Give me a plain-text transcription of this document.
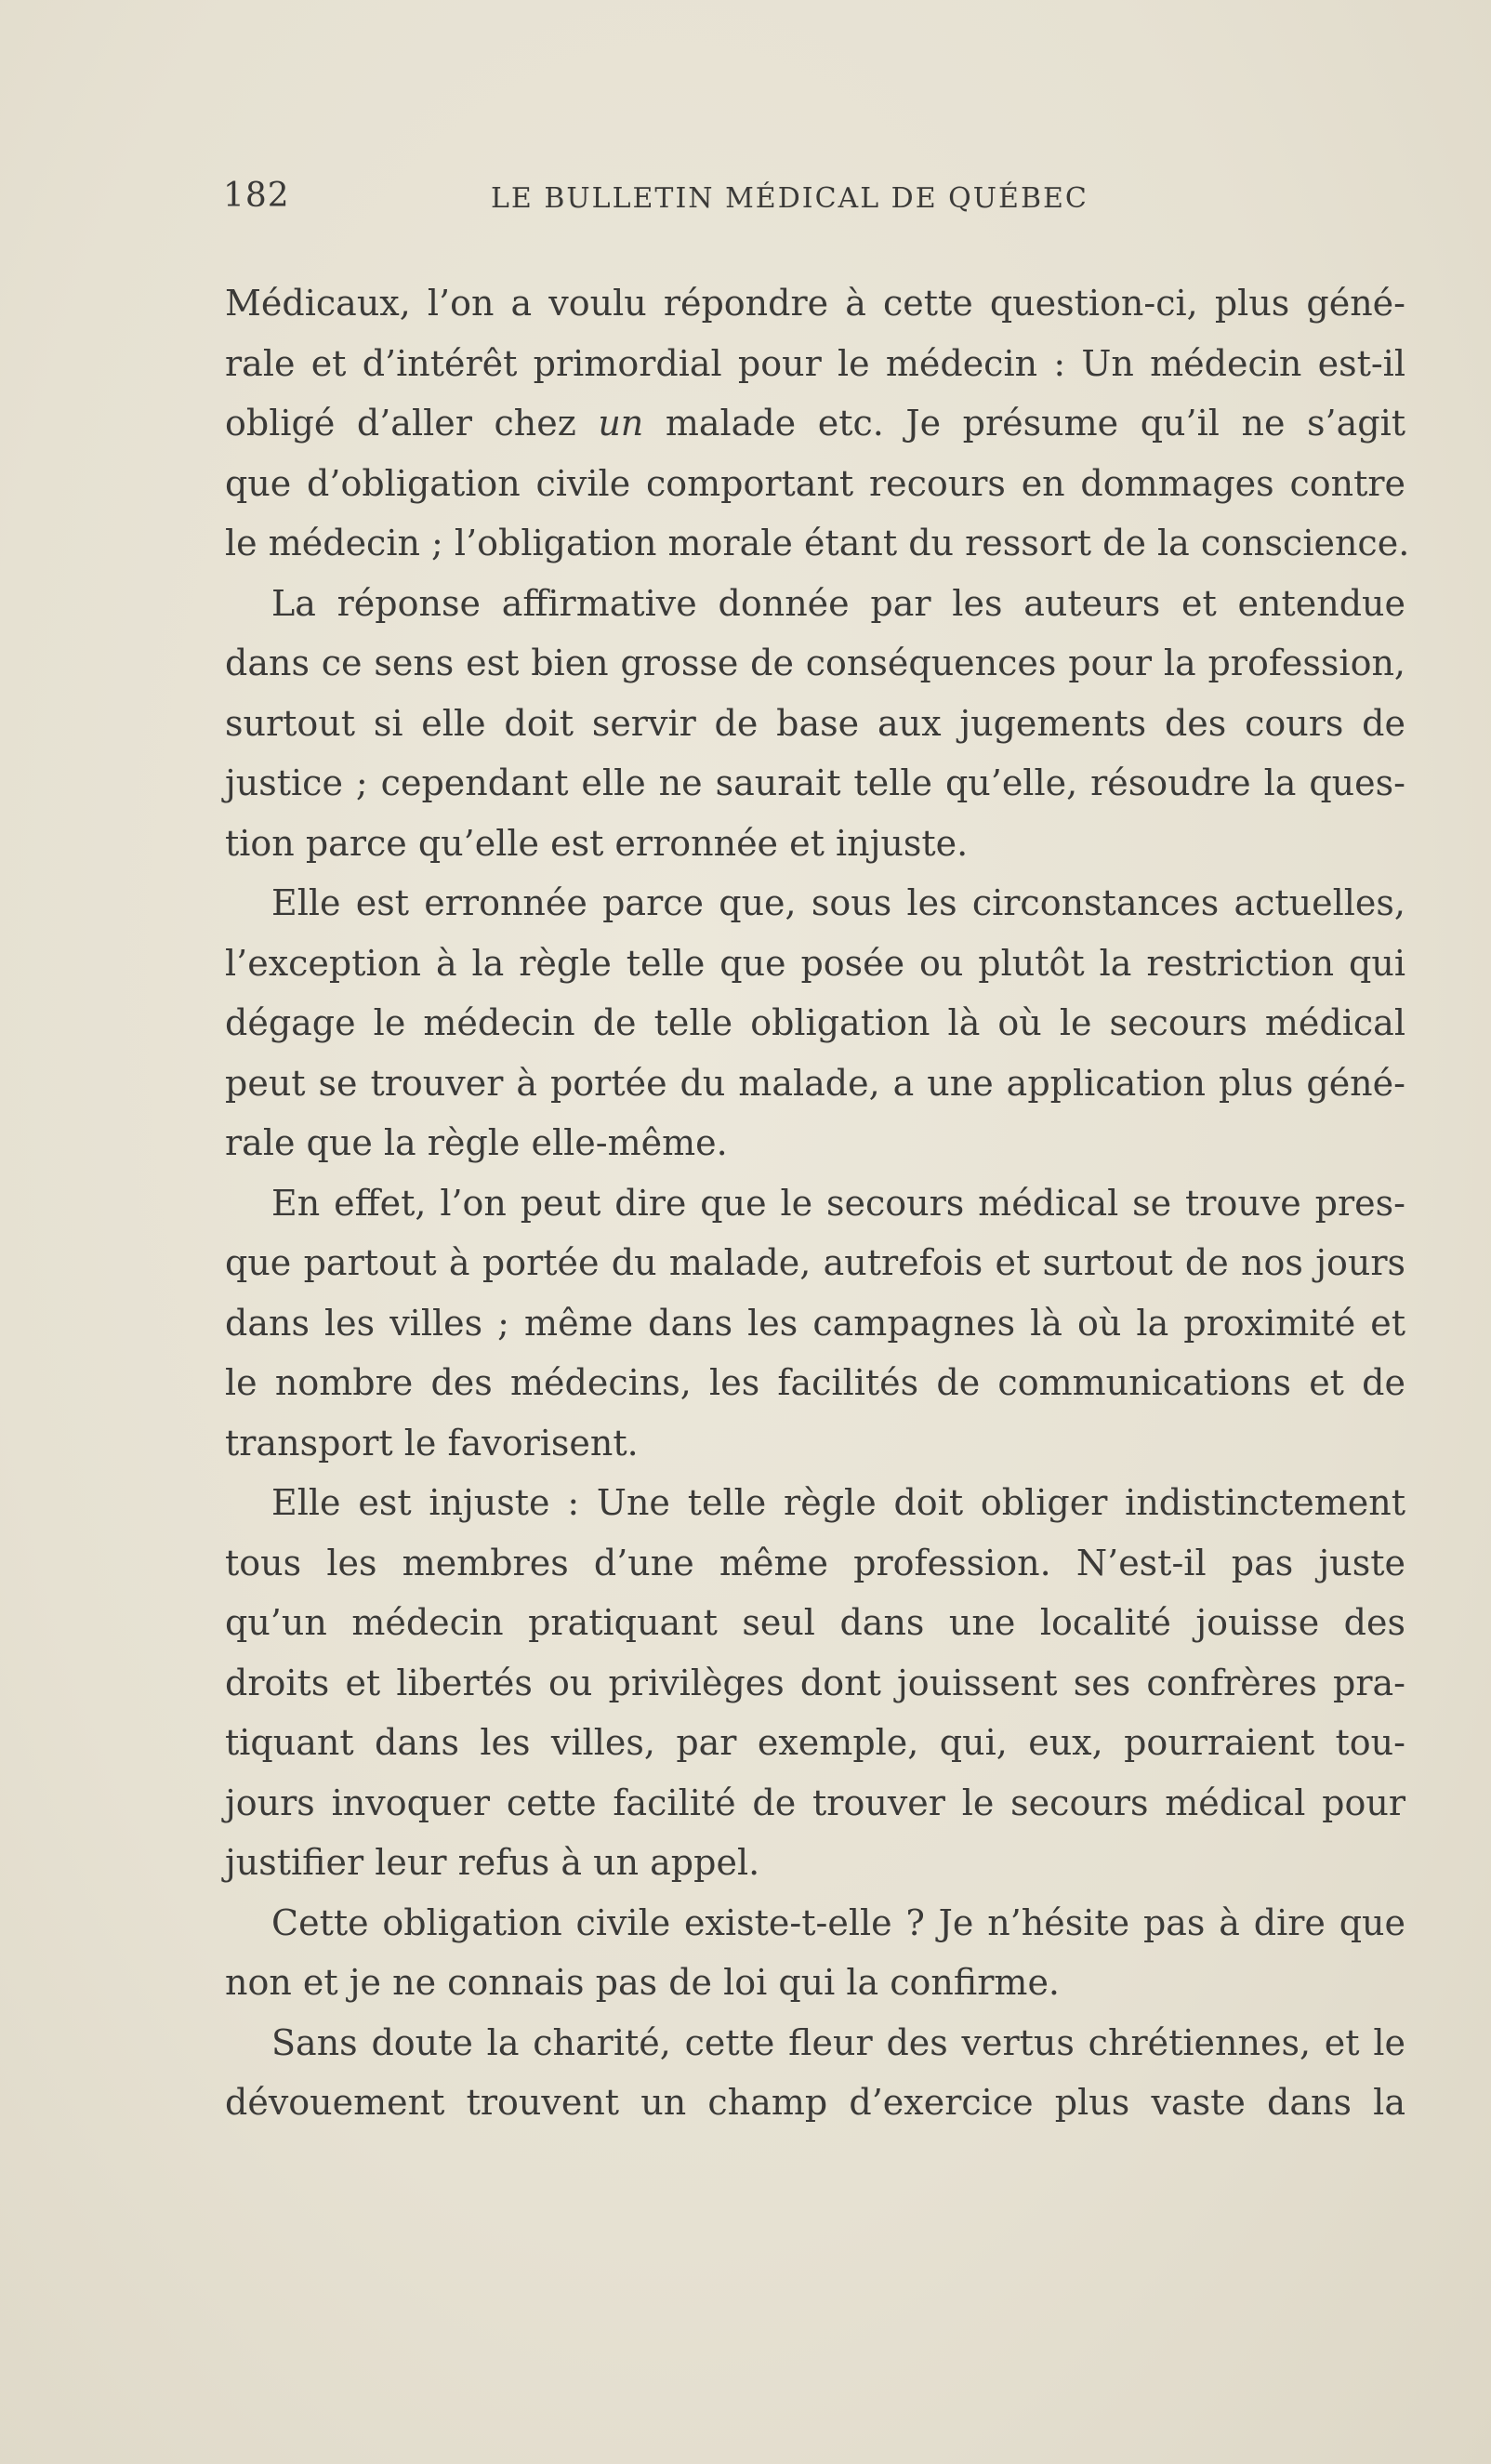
182	LE BULLETIN MÉDICAL DE QUÉBEC
Médicaux, l’on a voulu répondre à cette question-ci, plus géné-
rale et d’intérêt primordial pour le médecin : Un médecin est-il
obligé d’aller chez un malade etc. Je présume qu’il ne s’agit
que d’obligation civile comportant recours en dommages contre
le médecin ; l’obligation morale étant du ressort de la conscience.
La réponse affirmative donnée par les auteurs et entendue
dans ce sens est bien grosse de conséquences pour la profession,
surtout si elle doit servir de base aux jugements des cours de
justice ; cependant elle ne saurait telle qu’elle, résoudre la ques-
tion parce qu’elle est erronnée et injuste.
Elle est erronnée parce que, sous les circonstances actuelles,
l’exception à la règle telle que posée ou plutôt la restriction qui
dégage le médecin de telle obligation là où le secours médical
peut se trouver à portée du malade, a une application plus géné-
rale que la règle elle-même.
En effet, l’on peut dire que le secours médical se trouve pres-
que partout à portée du malade, autrefois et surtout de nos jours
dans les villes ; même dans les campagnes là où la proximité et
le nombre des médecins, les facilités de communications et de
transport le favorisent.
Elle est injuste : Une telle règle doit obliger indistinctement
tous les membres d’une même profession. N’est-il pas juste
qu’un médecin pratiquant seul dans une localité jouisse des
droits et libertés ou privilèges dont jouissent ses confrères pra-
tiquant dans les villes, par exemple, qui, eux, pourraient tou-
jours invoquer cette facilité de trouver le secours médical pour
justifier leur refus à un appel.
Cette obligation civile existe-t-elle ? Je n’hésite pas à dire que
non et je ne connais pas de loi qui la confirme.
Sans doute la charité, cette fleur des vertus chrétiennes, et le
dévouement trouvent un champ d’exercice plus vaste dans la
